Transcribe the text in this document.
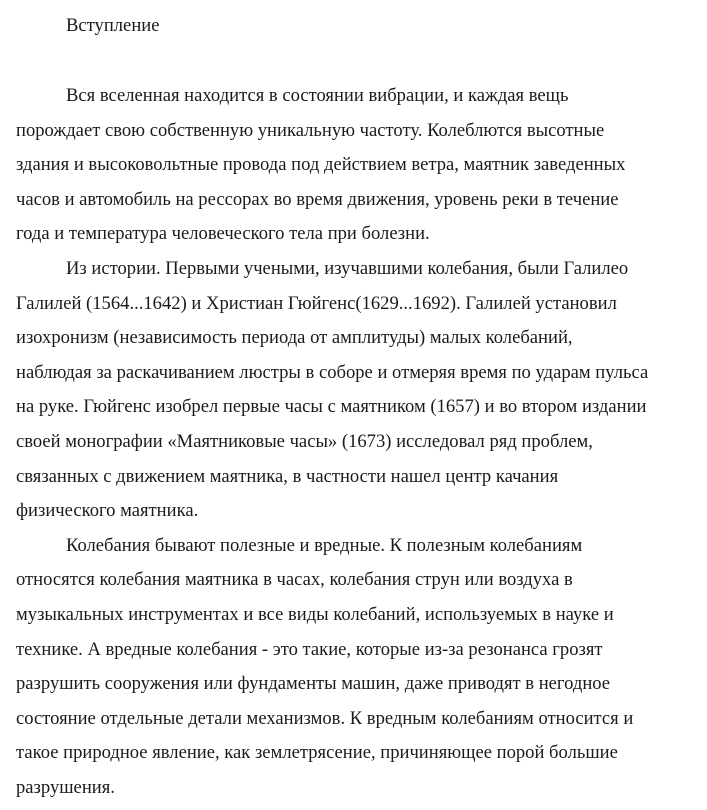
Вступление
Вся вселенная находится в состоянии вибрации, и каждая вещь
порождает свою собственную уникальную частоту. Колеблются высотные
здания и высоковольтные провода под действием ветра, маятник заведенных
часов и автомобиль на рессорах во время движения, уровень реки в течение
года и температура человеческого тела при болезни.
Из истории. Первыми учеными, изучавшими колебания, были Галилео
Галилей (1564...1642) и Христиан Гюйгенс(1629...1692). Галилей установил
изохронизм (независимость периода от амплитуды) малых колебаний,
наблюдая за раскачиванием люстры в соборе и отмеряя время по ударам пульса
на руке. Гюйгенс изобрел первые часы с маятником (1657) и во втором издании
своей монографии «Маятниковые часы» (1673) исследовал ряд проблем,
связанных с движением маятника, в частности нашел центр качания
физического маятника.
Колебания бывают полезные и вредные. К полезным колебаниям
относятся колебания маятника в часах, колебания струн или воздуха в
музыкальных инструментах и все виды колебаний, используемых в науке и
технике. А вредные колебания - это такие, которые из-за резонанса грозят
разрушить сооружения или фундаменты машин, даже приводят в негодное
состояние отдельные детали механизмов. К вредным колебаниям относится и
такое природное явление, как землетрясение, причиняющее порой большие
разрушения.
